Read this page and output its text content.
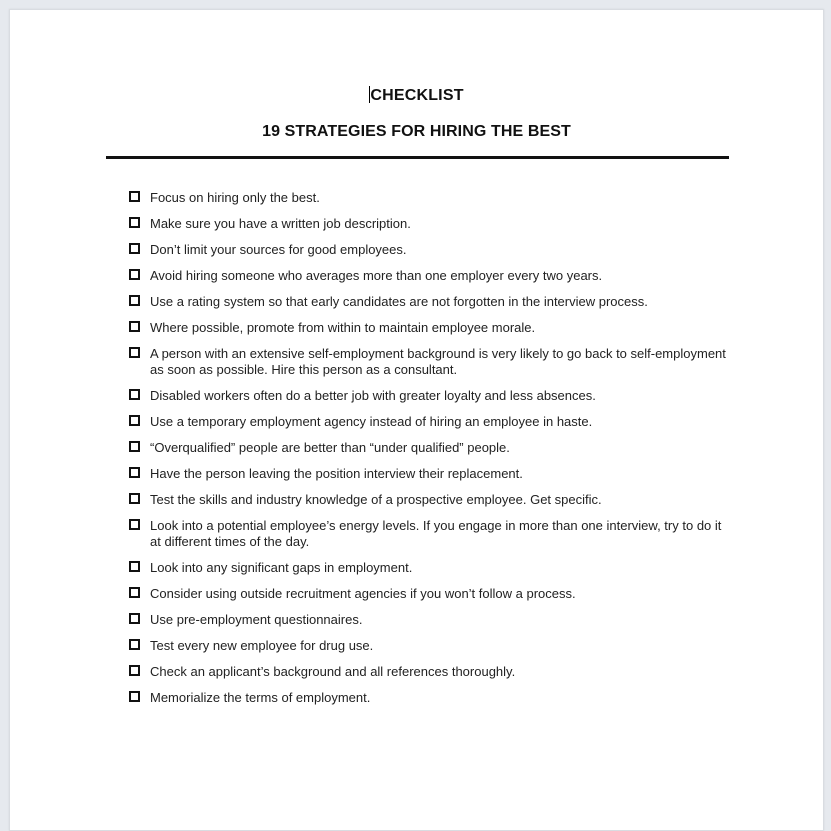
CHECKLIST
19 STRATEGIES FOR HIRING THE BEST
Focus on hiring only the best.
Make sure you have a written job description.
Don’t limit your sources for good employees.
Avoid hiring someone who averages more than one employer every two years.
Use a rating system so that early candidates are not forgotten in the interview process.
Where possible, promote from within to maintain employee morale.
A person with an extensive self-employment background is very likely to go back to self-employment as soon as possible. Hire this person as a consultant.
Disabled workers often do a better job with greater loyalty and less absences.
Use a temporary employment agency instead of hiring an employee in haste.
“Overqualified” people are better than “under qualified” people.
Have the person leaving the position interview their replacement.
Test the skills and industry knowledge of a prospective employee. Get specific.
Look into a potential employee’s energy levels. If you engage in more than one interview, try to do it at different times of the day.
Look into any significant gaps in employment.
Consider using outside recruitment agencies if you won’t follow a process.
Use pre-employment questionnaires.
Test every new employee for drug use.
Check an applicant’s background and all references thoroughly.
Memorialize the terms of employment.
